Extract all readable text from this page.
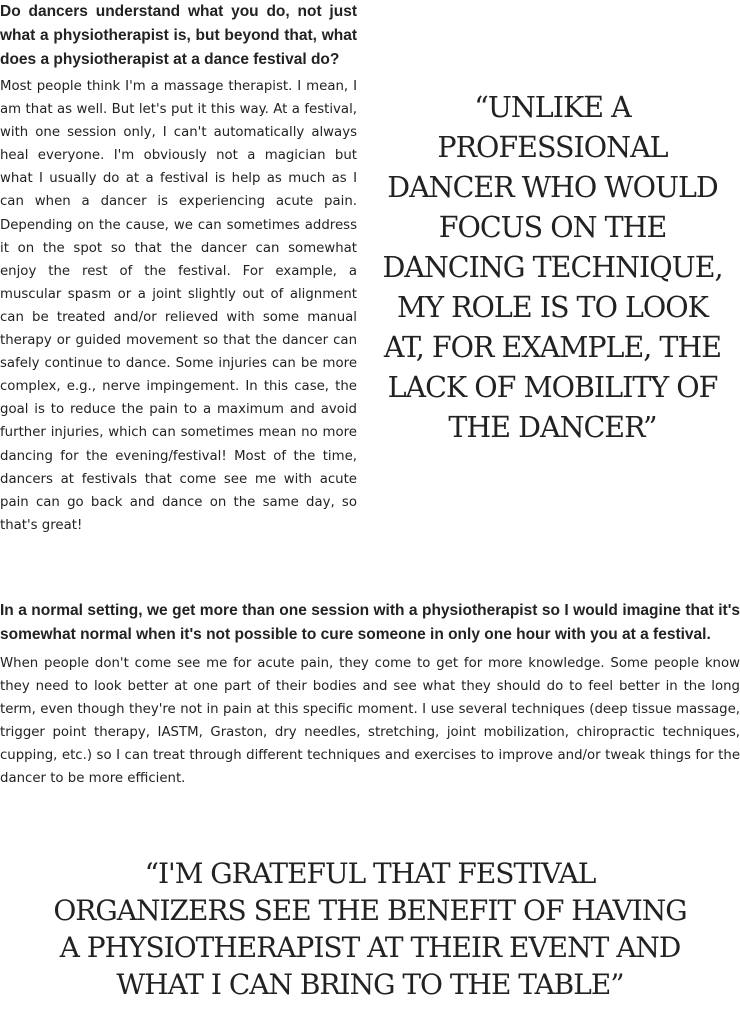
Do dancers understand what you do, not just what a physiotherapist is, but beyond that, what does a physiotherapist at a dance festival do?

Most people think I'm a massage therapist. I mean, I am that as well. But let's put it this way. At a festival, with one session only, I can't automatically always heal everyone. I'm obviously not a magician but what I usually do at a festival is help as much as I can when a dancer is experiencing acute pain. Depending on the cause, we can sometimes address it on the spot so that the dancer can somewhat enjoy the rest of the festival. For example, a muscular spasm or a joint slightly out of alignment can be treated and/or relieved with some manual therapy or guided movement so that the dancer can safely continue to dance. Some injuries can be more complex, e.g., nerve impingement. In this case, the goal is to reduce the pain to a maximum and avoid further injuries, which can sometimes mean no more dancing for the evening/festival! Most of the time, dancers at festivals that come see me with acute pain can go back and dance on the same day, so that's great!

“UNLIKE A PROFESSIONAL DANCER WHO WOULD FOCUS ON THE DANCING TECHNIQUE, MY ROLE IS TO LOOK AT, FOR EXAMPLE, THE LACK OF MOBILITY OF THE DANCER”

In a normal setting, we get more than one session with a physiotherapist so I would imagine that it's somewhat normal when it's not possible to cure someone in only one hour with you at a festival.

When people don't come see me for acute pain, they come to get for more knowledge. Some people know they need to look better at one part of their bodies and see what they should do to feel better in the long term, even though they're not in pain at this specific moment. I use several techniques (deep tissue massage, trigger point therapy, IASTM, Graston, dry needles, stretching, joint mobilization, chiropractic techniques, cupping, etc.) so I can treat through different techniques and exercises to improve and/or tweak things for the dancer to be more efficient.

“I'M GRATEFUL THAT FESTIVAL ORGANIZERS SEE THE BENEFIT OF HAVING A PHYSIOTHERAPIST AT THEIR EVENT AND WHAT I CAN BRING TO THE TABLE”
